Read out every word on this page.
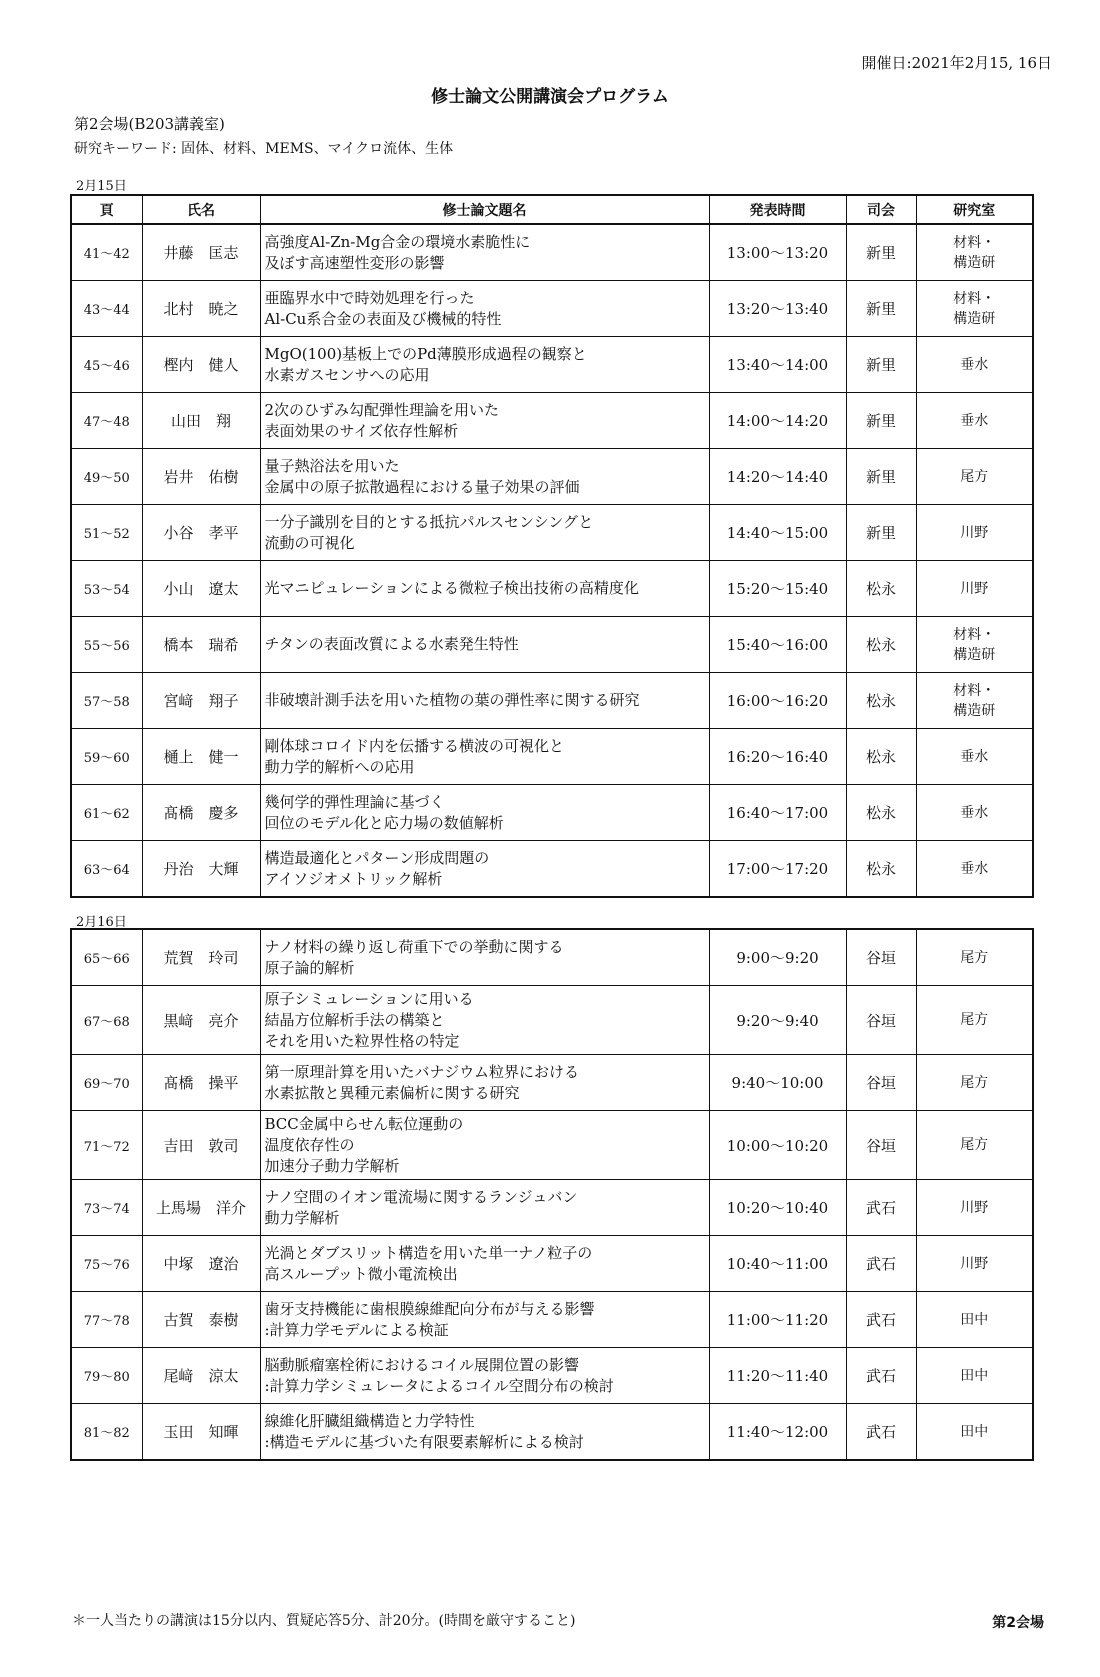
開催日:2021年2月15, 16日
修士論文公開講演会プログラム
第2会場(B203講義室)
研究キーワード: 固体、材料、MEMS、マイクロ流体、生体
2月15日
頁	氏名	修士論文題名	発表時間	司会	研究室
41～42	井藤　匡志	高強度Al-Zn-Mg合金の環境水素脆性に
及ぼす高速塑性変形の影響	13:00～13:20	新里	材料・
構造研
43～44	北村　暁之	亜臨界水中で時効処理を行った
Al-Cu系合金の表面及び機械的特性	13:20～13:40	新里	材料・
構造研
45～46	樫内　健人	MgO(100)基板上でのPd薄膜形成過程の観察と
水素ガスセンサへの応用	13:40～14:00	新里	垂水
47～48	山田　翔	2次のひずみ勾配弾性理論を用いた
表面効果のサイズ依存性解析	14:00～14:20	新里	垂水
49～50	岩井　佑樹	量子熱浴法を用いた
金属中の原子拡散過程における量子効果の評価	14:20～14:40	新里	尾方
51～52	小谷　孝平	一分子識別を目的とする抵抗パルスセンシングと
流動の可視化	14:40～15:00	新里	川野
53～54	小山　遼太	光マニピュレーションによる微粒子検出技術の高精度化	15:20～15:40	松永	川野
55～56	橋本　瑞希	チタンの表面改質による水素発生特性	15:40～16:00	松永	材料・
構造研
57～58	宮﨑　翔子	非破壊計測手法を用いた植物の葉の弾性率に関する研究	16:00～16:20	松永	材料・
構造研
59～60	樋上　健一	剛体球コロイド内を伝播する横波の可視化と
動力学的解析への応用	16:20～16:40	松永	垂水
61～62	髙橋　慶多	幾何学的弾性理論に基づく
回位のモデル化と応力場の数値解析	16:40～17:00	松永	垂水
63～64	丹治　大輝	構造最適化とパターン形成問題の
アイソジオメトリック解析	17:00～17:20	松永	垂水
2月16日
65～66	荒賀　玲司	ナノ材料の繰り返し荷重下での挙動に関する
原子論的解析	9:00～9:20	谷垣	尾方
67～68	黒﨑　亮介	原子シミュレーションに用いる
結晶方位解析手法の構築と
それを用いた粒界性格の特定	9:20～9:40	谷垣	尾方
69～70	髙橋　操平	第一原理計算を用いたバナジウム粒界における
水素拡散と異種元素偏析に関する研究	9:40～10:00	谷垣	尾方
71～72	吉田　敦司	BCC金属中らせん転位運動の
温度依存性の
加速分子動力学解析	10:00～10:20	谷垣	尾方
73～74	上馬場　洋介	ナノ空間のイオン電流場に関するランジュバン
動力学解析	10:20～10:40	武石	川野
75～76	中塚　遼治	光渦とダブスリット構造を用いた単一ナノ粒子の
高スループット微小電流検出	10:40～11:00	武石	川野
77～78	古賀　泰樹	歯牙支持機能に歯根膜線維配向分布が与える影響
:計算力学モデルによる検証	11:00～11:20	武石	田中
79～80	尾﨑　涼太	脳動脈瘤塞栓術におけるコイル展開位置の影響
:計算力学シミュレータによるコイル空間分布の検討	11:20～11:40	武石	田中
81～82	玉田　知暉	線維化肝臓組織構造と力学特性
:構造モデルに基づいた有限要素解析による検討	11:40～12:00	武石	田中
＊一人当たりの講演は15分以内、質疑応答5分、計20分。(時間を厳守すること)	第2会場
